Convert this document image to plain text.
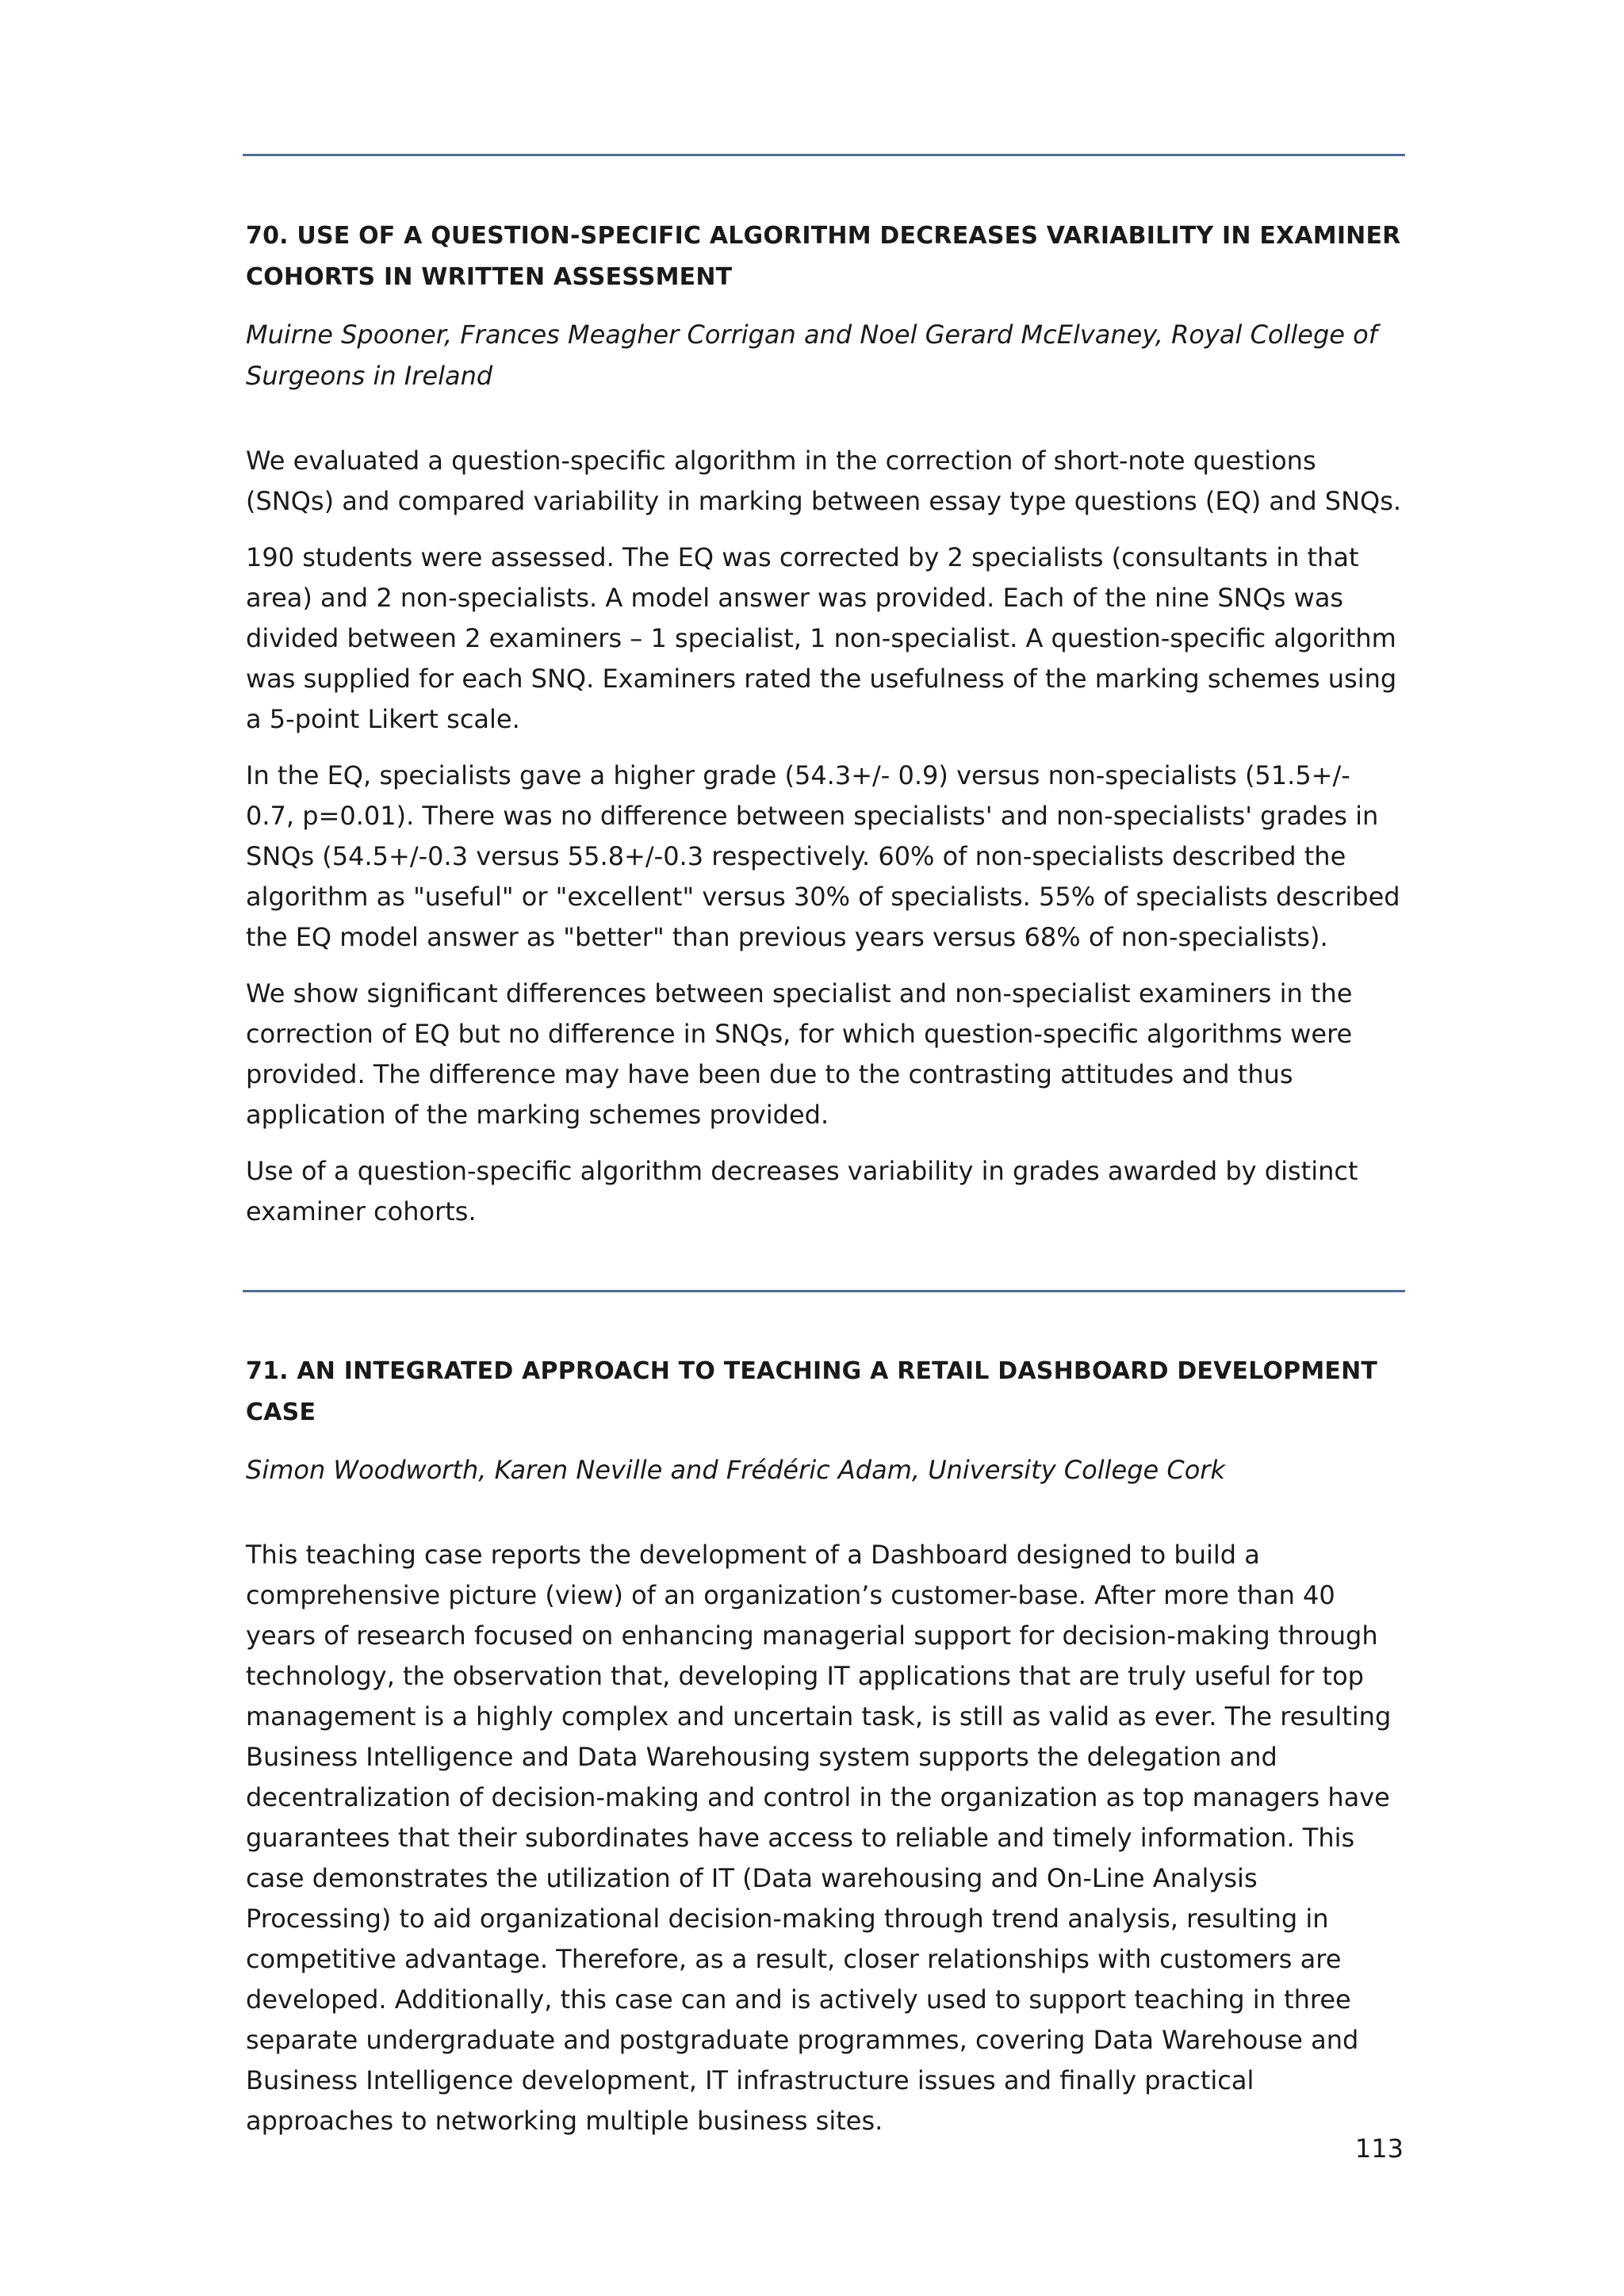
70. USE OF A QUESTION-SPECIFIC ALGORITHM DECREASES VARIABILITY IN EXAMINER
COHORTS IN WRITTEN ASSESSMENT

Muirne Spooner, Frances Meagher Corrigan and Noel Gerard McElvaney, Royal College of Surgeons in Ireland

We evaluated a question-specific algorithm in the correction of short-note questions (SNQs) and compared variability in marking between essay type questions (EQ) and SNQs.

190 students were assessed. The EQ was corrected by 2 specialists (consultants in that area) and 2 non-specialists. A model answer was provided. Each of the nine SNQs was divided between 2 examiners – 1 specialist, 1 non-specialist. A question-specific algorithm was supplied for each SNQ. Examiners rated the usefulness of the marking schemes using a 5-point Likert scale.

In the EQ, specialists gave a higher grade (54.3+/- 0.9) versus non-specialists (51.5+/- 0.7, p=0.01). There was no difference between specialists' and non-specialists' grades in SNQs (54.5+/-0.3 versus 55.8+/-0.3 respectively. 60% of non-specialists described the algorithm as "useful" or "excellent" versus 30% of specialists. 55% of specialists described the EQ model answer as "better" than previous years versus 68% of non-specialists).

We show significant differences between specialist and non-specialist examiners in the correction of EQ but no difference in SNQs, for which question-specific algorithms were provided. The difference may have been due to the contrasting attitudes and thus application of the marking schemes provided.

Use of a question-specific algorithm decreases variability in grades awarded by distinct examiner cohorts.

71. AN INTEGRATED APPROACH TO TEACHING A RETAIL DASHBOARD DEVELOPMENT CASE

Simon Woodworth, Karen Neville and Frédéric Adam, University College Cork

This teaching case reports the development of a Dashboard designed to build a comprehensive picture (view) of an organization’s customer-base. After more than 40 years of research focused on enhancing managerial support for decision-making through technology, the observation that, developing IT applications that are truly useful for top management is a highly complex and uncertain task, is still as valid as ever. The resulting Business Intelligence and Data Warehousing system supports the delegation and decentralization of decision-making and control in the organization as top managers have guarantees that their subordinates have access to reliable and timely information. This case demonstrates the utilization of IT (Data warehousing and On-Line Analysis Processing) to aid organizational decision-making through trend analysis, resulting in competitive advantage. Therefore, as a result, closer relationships with customers are developed. Additionally, this case can and is actively used to support teaching in three separate undergraduate and postgraduate programmes, covering Data Warehouse and Business Intelligence development, IT infrastructure issues and finally practical approaches to networking multiple business sites.

113
